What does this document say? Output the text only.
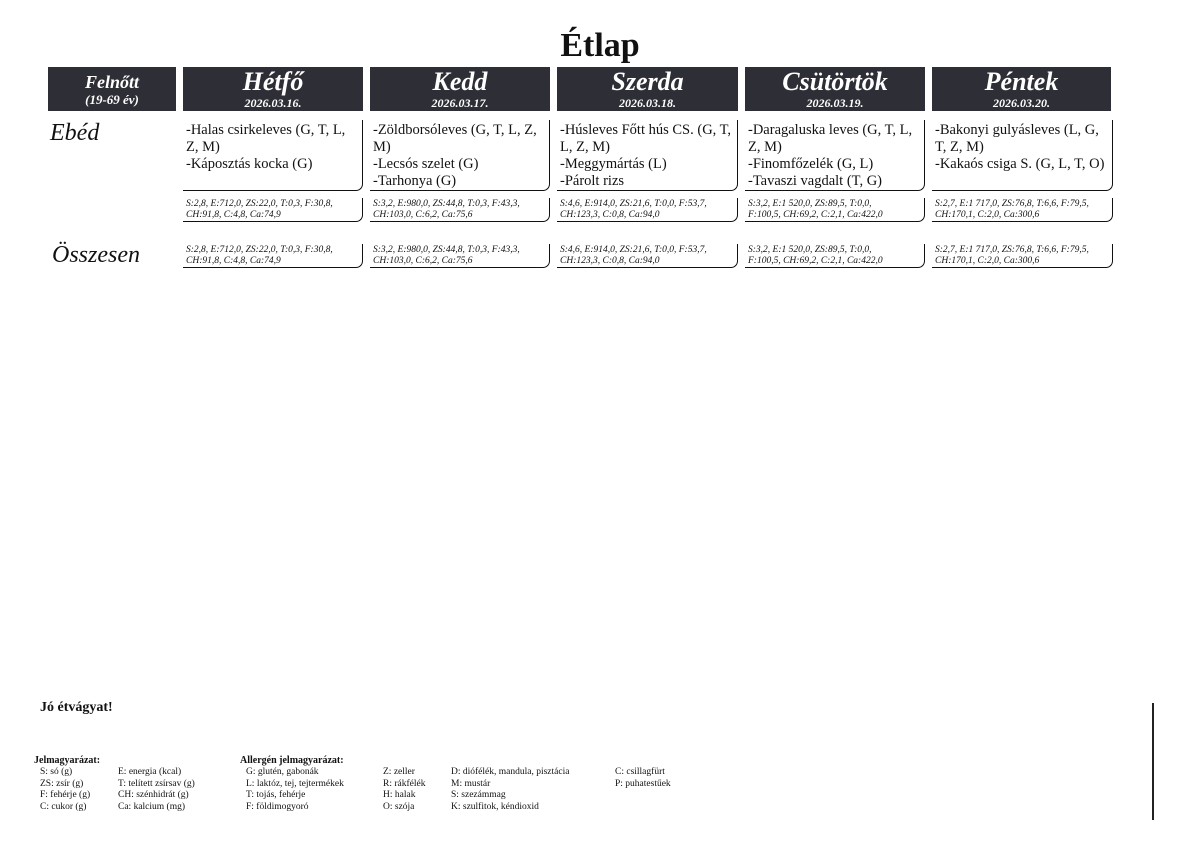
Étlap
Felnőtt
(19-69 év)
Hétfő
2026.03.16.
Kedd
2026.03.17.
Szerda
2026.03.18.
Csütörtök
2026.03.19.
Péntek
2026.03.20.
Ebéd
Összesen
-Halas csirkeleves (G, T, L, Z, M)
-Káposztás kocka (G)
-Zöldborsóleves (G, T, L, Z, M)
-Lecsós szelet (G)
-Tarhonya (G)
-Húsleves Főtt hús CS. (G, T, L, Z, M)
-Meggymártás (L)
-Párolt rizs
-Daragaluska leves (G, T, L, Z, M)
-Finomfőzelék (G, L)
-Tavaszi vagdalt (T, G)
-Bakonyi gulyásleves (L, G, T, Z, M)
-Kakaós csiga S. (G, L, T, O)
S:2,8, E:712,0, ZS:22,0, T:0,3, F:30,8,
CH:91,8, C:4,8, Ca:74,9
S:3,2, E:980,0, ZS:44,8, T:0,3, F:43,3,
CH:103,0, C:6,2, Ca:75,6
S:4,6, E:914,0, ZS:21,6, T:0,0, F:53,7,
CH:123,3, C:0,8, Ca:94,0
S:3,2, E:1 520,0, ZS:89,5, T:0,0,
F:100,5, CH:69,2, C:2,1, Ca:422,0
S:2,7, E:1 717,0, ZS:76,8, T:6,6, F:79,5,
CH:170,1, C:2,0, Ca:300,6
S:2,8, E:712,0, ZS:22,0, T:0,3, F:30,8,
CH:91,8, C:4,8, Ca:74,9
S:3,2, E:980,0, ZS:44,8, T:0,3, F:43,3,
CH:103,0, C:6,2, Ca:75,6
S:4,6, E:914,0, ZS:21,6, T:0,0, F:53,7,
CH:123,3, C:0,8, Ca:94,0
S:3,2, E:1 520,0, ZS:89,5, T:0,0,
F:100,5, CH:69,2, C:2,1, Ca:422,0
S:2,7, E:1 717,0, ZS:76,8, T:6,6, F:79,5,
CH:170,1, C:2,0, Ca:300,6
Jó étvágyat!
Jelmagyarázat:
S: só (g)
ZS: zsír (g)
F: fehérje (g)
C: cukor (g)
E: energia (kcal)
T: telített zsírsav (g)
CH: szénhidrát (g)
Ca: kalcium (mg)
Allergén jelmagyarázat:
G: glutén, gabonák
L: laktóz, tej, tejtermékek
T: tojás, fehérje
F: földimogyoró
Z: zeller
R: rákfélék
H: halak
O: szója
D: diófélék, mandula, pisztácia
M: mustár
S: szezámmag
K: szulfitok, kéndioxid
C: csillagfürt
P: puhatestűek
